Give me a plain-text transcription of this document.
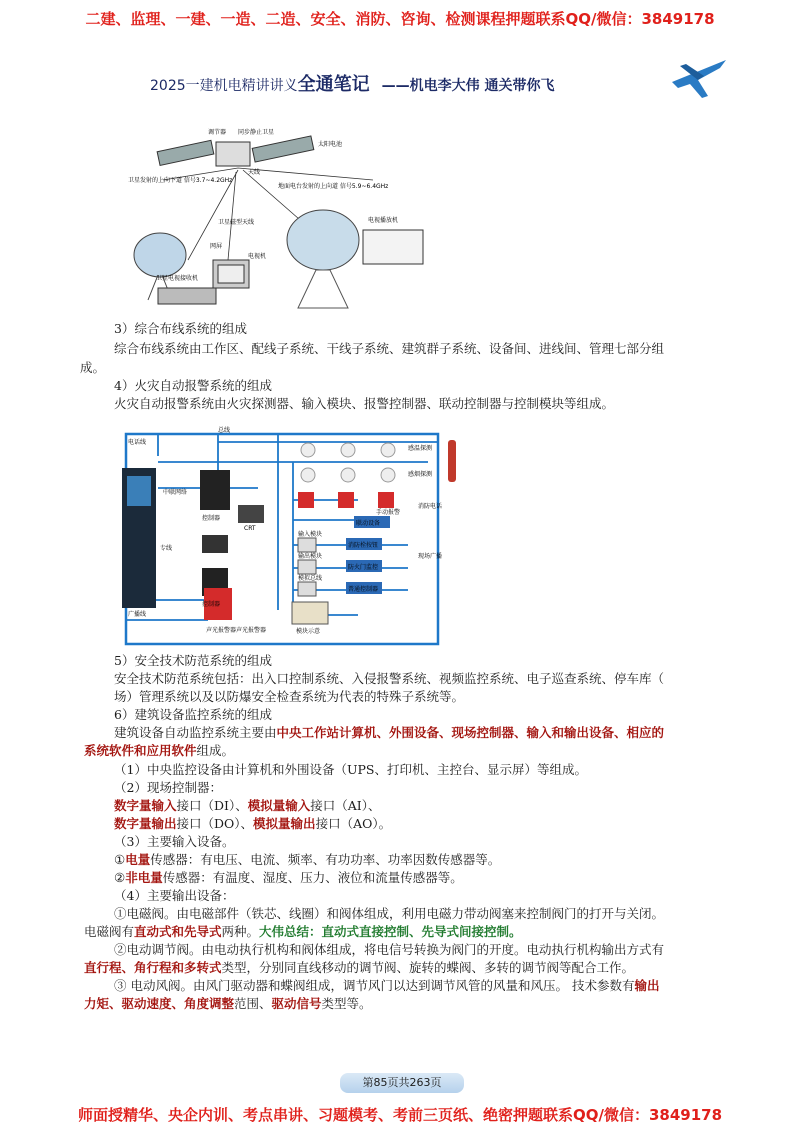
二建、监理、一建、一造、二造、安全、消防、咨询、检测课程押题联系QQ/微信：3849178
2025一建机电精讲讲义全通笔记 ——机电李大伟 通关带你飞
调节器 同步静止卫星
太阳电池
天线
卫星发射的上向下道 信号3.7~4.2GHz
地面电台发射的上向道 信号5.9~6.4GHz
卫星磁型天线
电视机
卫星电视接收机
网屏
电视播放机
3）综合布线系统的组成
综合布线系统由工作区、配线子系统、干线子系统、建筑群子系统、设备间、进线间、管理七部分组
成。
4）火灾自动报警系统的组成
火灾自动报警系统由火灾探测器、输入模块、报警控制器、联动控制器与控制模块等组成。
电话线
总线
感温探测
感烟探测
中联网络
控制器
CRT
手动报警
声光报警器
联动设备
消防栓按钮
输入模块
输出模块
模拟总线
防火门监控
普通控制器
控制器
广播线
现场广播
消防电话
专线
模块示意
声光报警器
5）安全技术防范系统的组成
安全技术防范系统包括：出入口控制系统、入侵报警系统、视频监控系统、电子巡查系统、停车库（
场）管理系统以及以防爆安全检查系统为代表的特殊子系统等。
6）建筑设备监控系统的组成
建筑设备自动监控系统主要由中央工作站计算机、外围设备、现场控制器、输入和输出设备、相应的
系统软件和应用软件组成。
（1）中央监控设备由计算机和外围设备（UPS、打印机、主控台、显示屏）等组成。
（2）现场控制器：
数字量输入接口（DI）、模拟量输入接口（AI）、
数字量输出接口（DO）、模拟量输出接口（AO）。
（3）主要输入设备。
①电量传感器：有电压、电流、频率、有功功率、功率因数传感器等。
②非电量传感器：有温度、湿度、压力、液位和流量传感器等。
（4）主要输出设备：
①电磁阀。由电磁部件（铁芯、线圈）和阀体组成，利用电磁力带动阀塞来控制阀门的打开与关闭。
电磁阀有直动式和先导式两种。大伟总结：直动式直接控制、先导式间接控制。
②电动调节阀。由电动执行机构和阀体组成，将电信号转换为阀门的开度。电动执行机构输出方式有
直行程、角行程和多转式类型，分别同直线移动的调节阀、旋转的蝶阀、多转的调节阀等配合工作。
③ 电动风阀。由风门驱动器和蝶阀组成，调节风门以达到调节风管的风量和风压。 技术参数有输出
力矩、驱动速度、角度调整范围、驱动信号类型等。
第85页共263页
师面授精华、央企内训、考点串讲、习题模考、考前三页纸、绝密押题联系QQ/微信：3849178
